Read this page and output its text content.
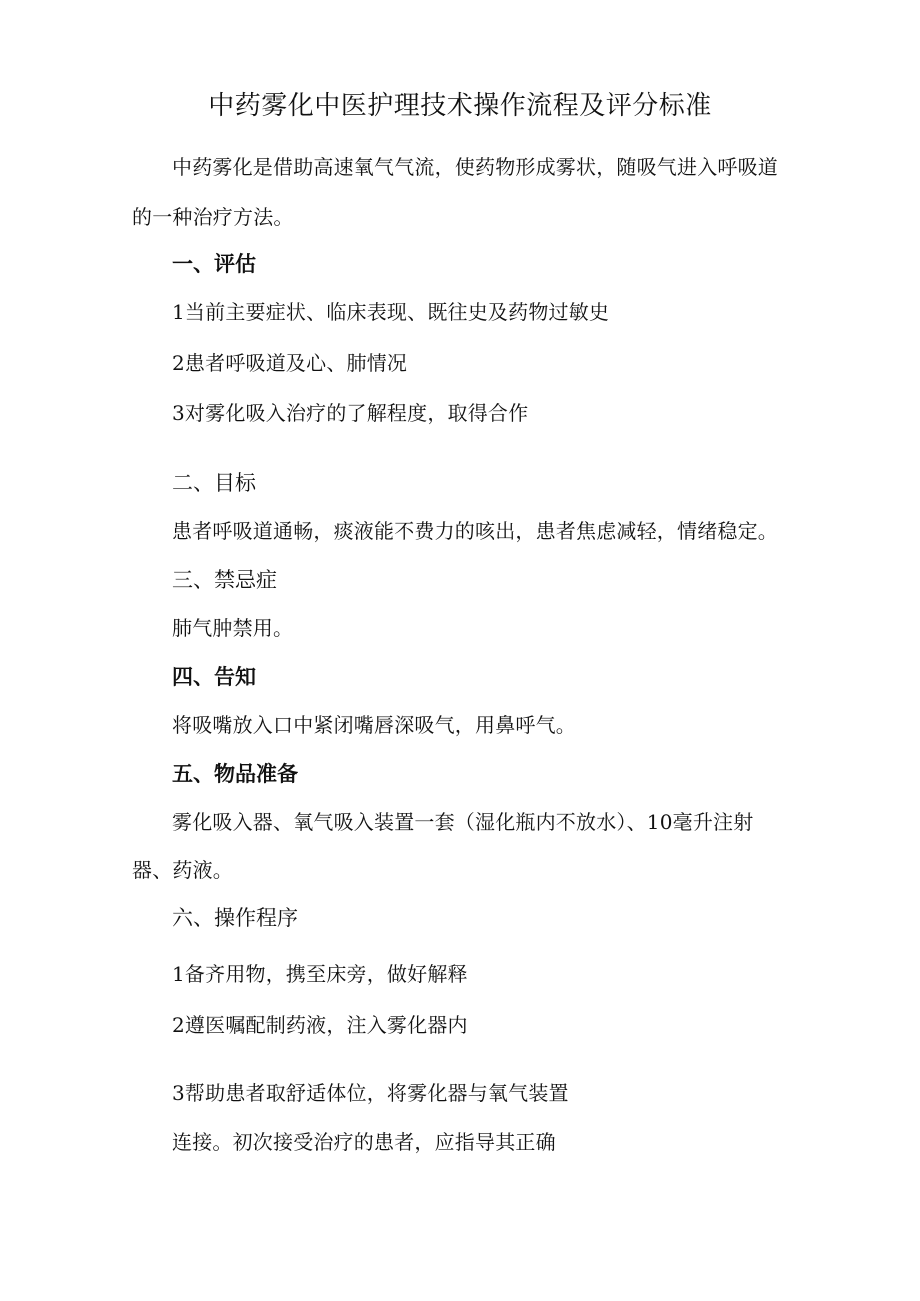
中药雾化中医护理技术操作流程及评分标准
中药雾化是借助高速氧气气流，使药物形成雾状，随吸气进入呼吸道
的一种治疗方法。
一、评估
1当前主要症状、临床表现、既往史及药物过敏史
2患者呼吸道及心、肺情况
3对雾化吸入治疗的了解程度，取得合作
二、目标
患者呼吸道通畅，痰液能不费力的咳出，患者焦虑减轻，情绪稳定。
三、禁忌症
肺气肿禁用。
四、告知
将吸嘴放入口中紧闭嘴唇深吸气，用鼻呼气。
五、物品准备
雾化吸入器、氧气吸入装置一套（湿化瓶内不放水）、10毫升注射
器、药液。
六、操作程序
1备齐用物，携至床旁，做好解释
2遵医嘱配制药液，注入雾化器内
3帮助患者取舒适体位，将雾化器与氧气装置
连接。初次接受治疗的患者，应指导其正确
